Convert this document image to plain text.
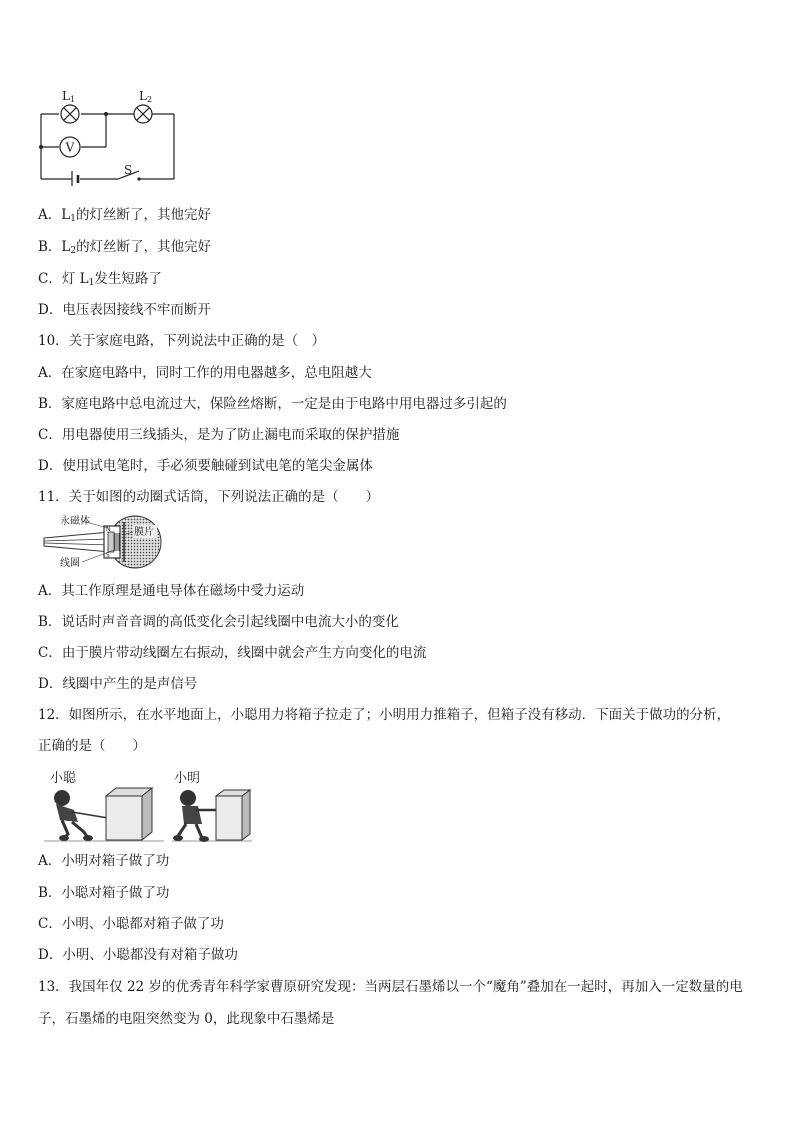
V
L1	L2
S
A．$L_1$的灯丝断了，其他完好
B．$L_2$的灯丝断了，其他完好
C．灯 $L_1$发生短路了
D．电压表因接线不牢而断开
10．关于家庭电路，下列说法中正确的是（　）
A．在家庭电路中，同时工作的用电器越多，总电阻越大
B．家庭电路中总电流过大，保险丝熔断，一定是由于电路中用电器过多引起的
C．用电器使用三线插头，是为了防止漏电而采取的保护措施
D．使用试电笔时，手必须要触碰到试电笔的笔尖金属体
11．关于如图的动圈式话筒，下列说法正确的是（　　）
N
S
永磁体
线圈
膜片
A．其工作原理是通电导体在磁场中受力运动
B．说话时声音音调的高低变化会引起线圈中电流大小的变化
C．由于膜片带动线圈左右振动，线圈中就会产生方向变化的电流
D．线圈中产生的是声信号
12．如图所示，在水平地面上，小聪用力将箱子拉走了；小明用力推箱子，但箱子没有移动．下面关于做功的分析，
正确的是（　　）
小聪	小明
A．小明对箱子做了功
B．小聪对箱子做了功
C．小明、小聪都对箱子做了功
D．小明、小聪都没有对箱子做功
13．我国年仅 22 岁的优秀青年科学家曹原研究发现：当两层石墨烯以一个“魔角”叠加在一起时，再加入一定数量的电
子，石墨烯的电阻突然变为 0，此现象中石墨烯是
